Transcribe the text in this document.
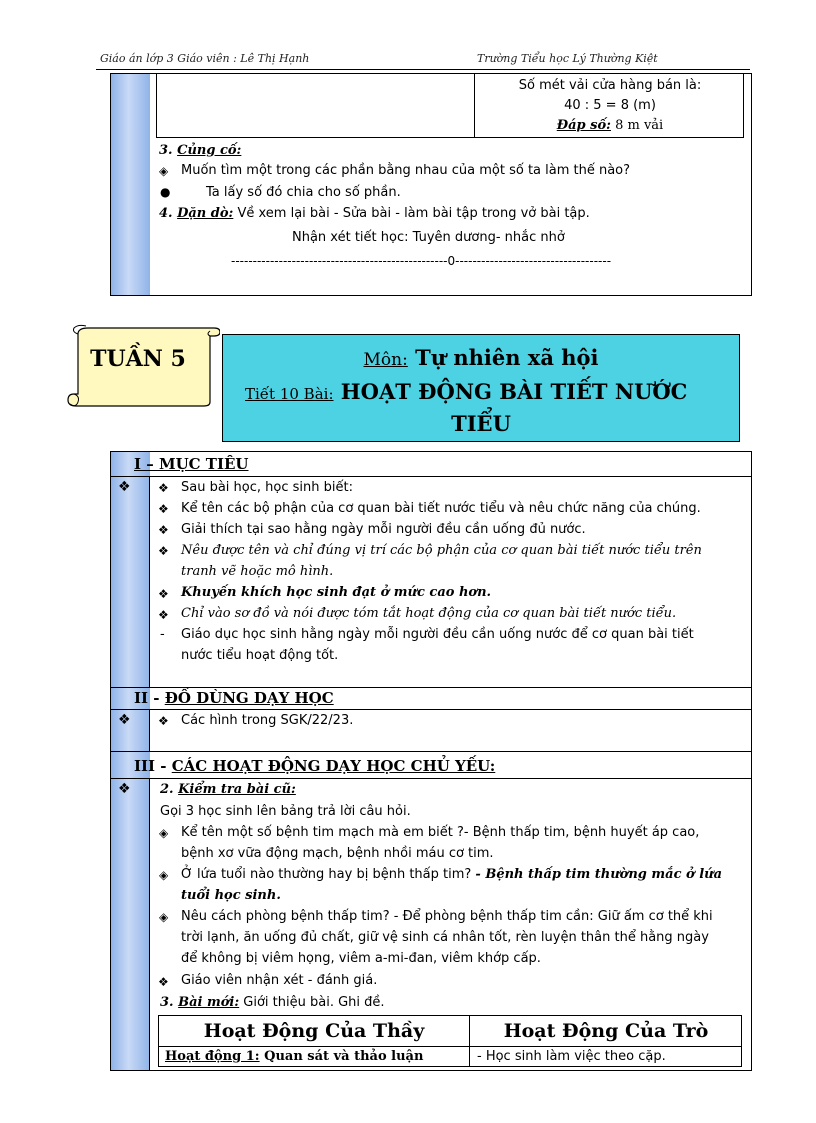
Giáo án lớp 3 Giáo viên : Lê Thị Hạnh	Trường Tiểu học Lý Thường Kiệt
Số mét vải cửa hàng bán là:
40 : 5 = 8 (m)
Đáp số: 8 m vải
3. Củng cố:
◈ Muốn tìm một trong các phần bằng nhau của một số ta làm thế nào?
●	Ta lấy số đó chia cho số phần.
4. Dặn dò: Về xem lại bài - Sửa bài - làm bài tập trong vở bài tập.
Nhận xét tiết học: Tuyên dương- nhắc nhở
--------------------------------------------------0------------------------------------
TUẦN 5	Môn: Tự nhiên xã hội
Tiết 10 Bài: HOẠT ĐỘNG BÀI TIẾT NƯỚC
TIỂU
I – MỤC TIÊU
❖ ❖ Sau bài học, học sinh biết:
❖ Kể tên các bộ phận của cơ quan bài tiết nước tiểu và nêu chức năng của chúng.
❖ Giải thích tại sao hằng ngày mỗi người đều cần uống đủ nước.
❖ Nêu được tên và chỉ đúng vị trí các bộ phận của cơ quan bài tiết nước tiểu trên
tranh vẽ hoặc mô hình.
❖ Khuyến khích học sinh đạt ở mức cao hơn.
❖ Chỉ vào sơ đồ và nói được tóm tắt hoạt động của cơ quan bài tiết nước tiểu.
- Giáo dục học sinh hằng ngày mỗi người đều cần uống nước để cơ quan bài tiết
nước tiểu hoạt động tốt.
II - ĐỒ DÙNG DẠY HỌC
❖ ❖ Các hình trong SGK/22/23.
III - CÁC HOẠT ĐỘNG DẠY HỌC CHỦ YẾU:
❖ 2. Kiểm tra bài cũ:
Gọi 3 học sinh lên bảng trả lời câu hỏi.
◈ Kể tên một số bệnh tim mạch mà em biết ?- Bệnh thấp tim, bệnh huyết áp cao,
bệnh xơ vữa động mạch, bệnh nhồi máu cơ tim.
◈ Ở lứa tuổi nào thường hay bị bệnh thấp tim? - Bệnh thấp tim thường mắc ở lứa
tuổi học sinh.
◈ Nêu cách phòng bệnh thấp tim? - Để phòng bệnh thấp tim cần: Giữ ấm cơ thể khi
trời lạnh, ăn uống đủ chất, giữ vệ sinh cá nhân tốt, rèn luyện thân thể hằng ngày
để không bị viêm họng, viêm a-mi-đan, viêm khớp cấp.
❖ Giáo viên nhận xét - đánh giá.
3. Bài mới: Giới thiệu bài. Ghi đề.
Hoạt Động Của Thầy	Hoạt Động Của Trò
Hoạt động 1: Quan sát và thảo luận	- Học sinh làm việc theo cặp.
